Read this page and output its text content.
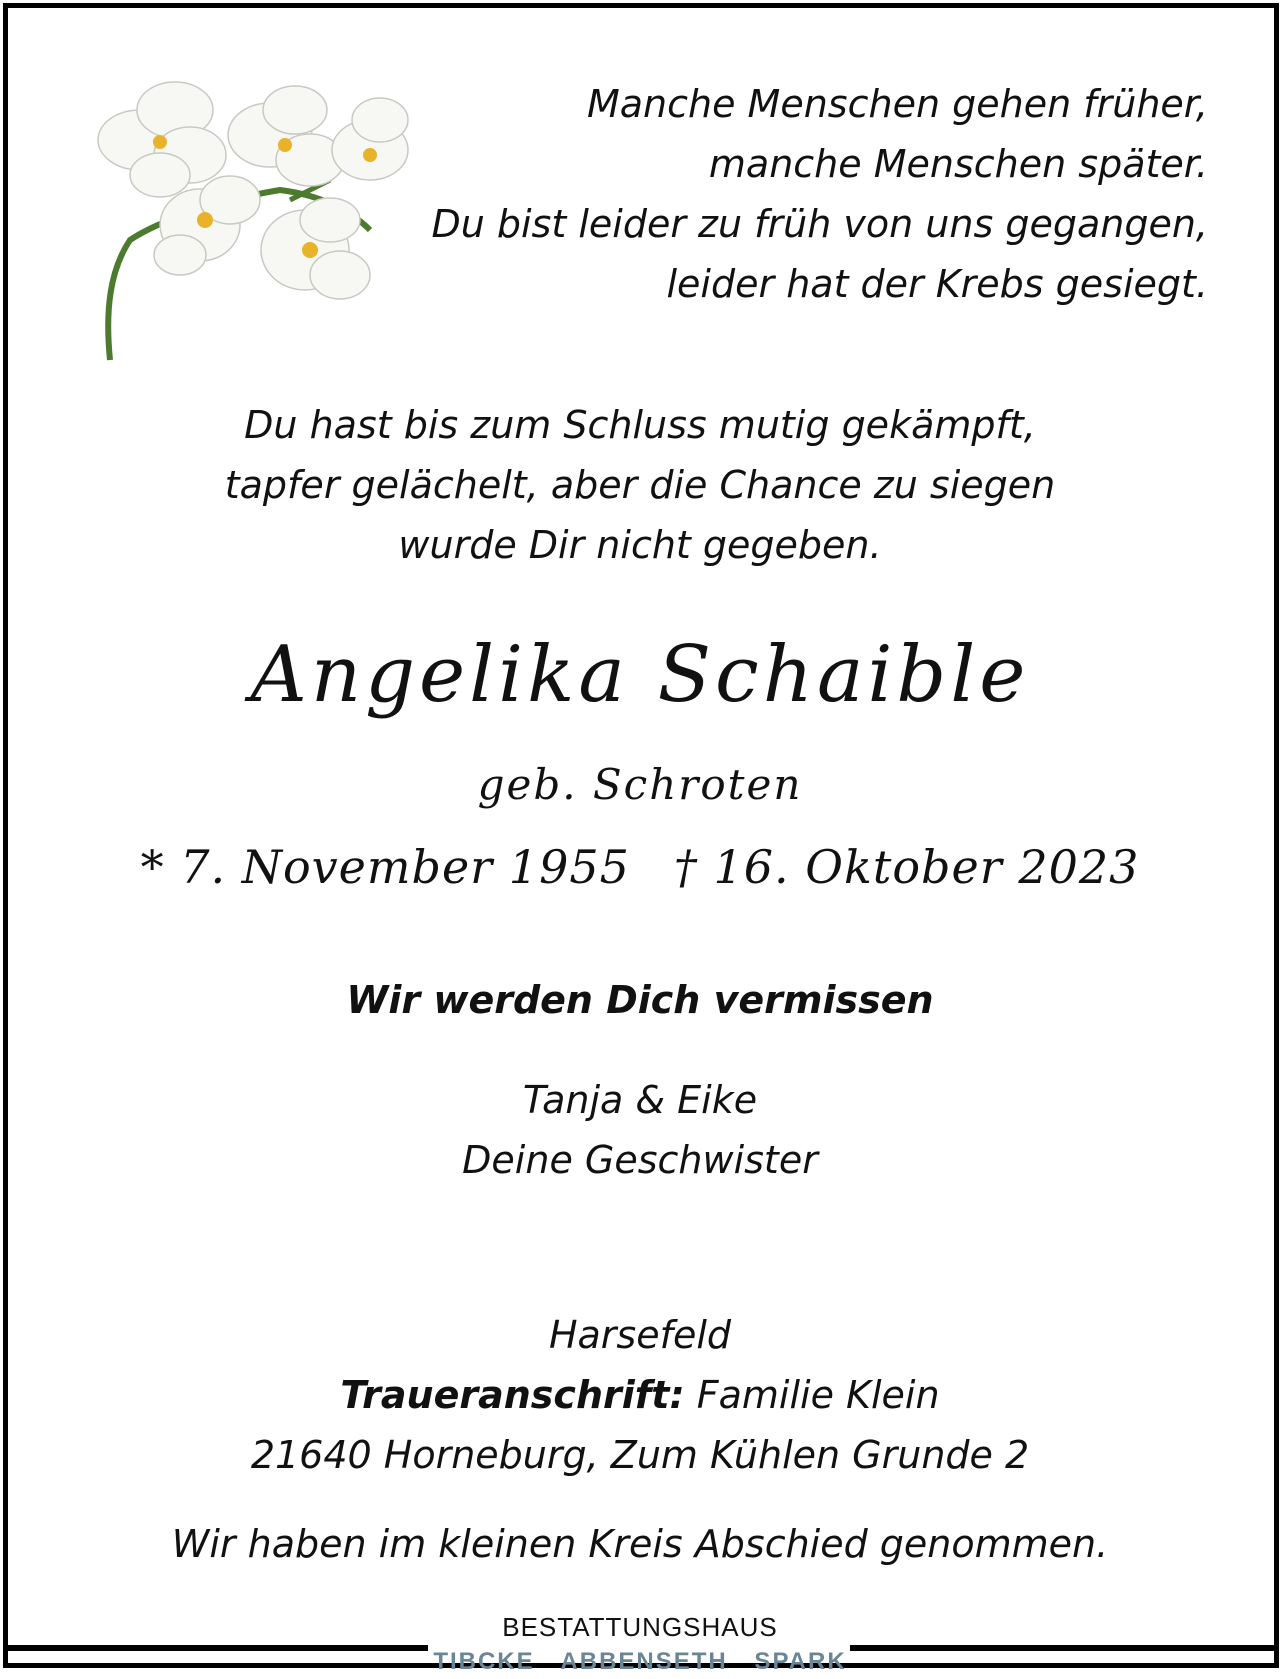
Manche Menschen gehen früher,
manche Menschen später.
Du bist leider zu früh von uns gegangen,
leider hat der Krebs gesiegt.
Du hast bis zum Schluss mutig gekämpft,
tapfer gelächelt, aber die Chance zu siegen
wurde Dir nicht gegeben.
Angelika Schaible
geb. Schroten
* 7. November 1955 † 16. Oktober 2023
Wir werden Dich vermissen
Tanja & Eike
Deine Geschwister
Harsefeld
Traueranschrift: Familie Klein
21640 Horneburg, Zum Kühlen Grunde 2
Wir haben im kleinen Kreis Abschied genommen.
BESTATTUNGSHAUS
TIBCKE ABBENSETH SPARK
